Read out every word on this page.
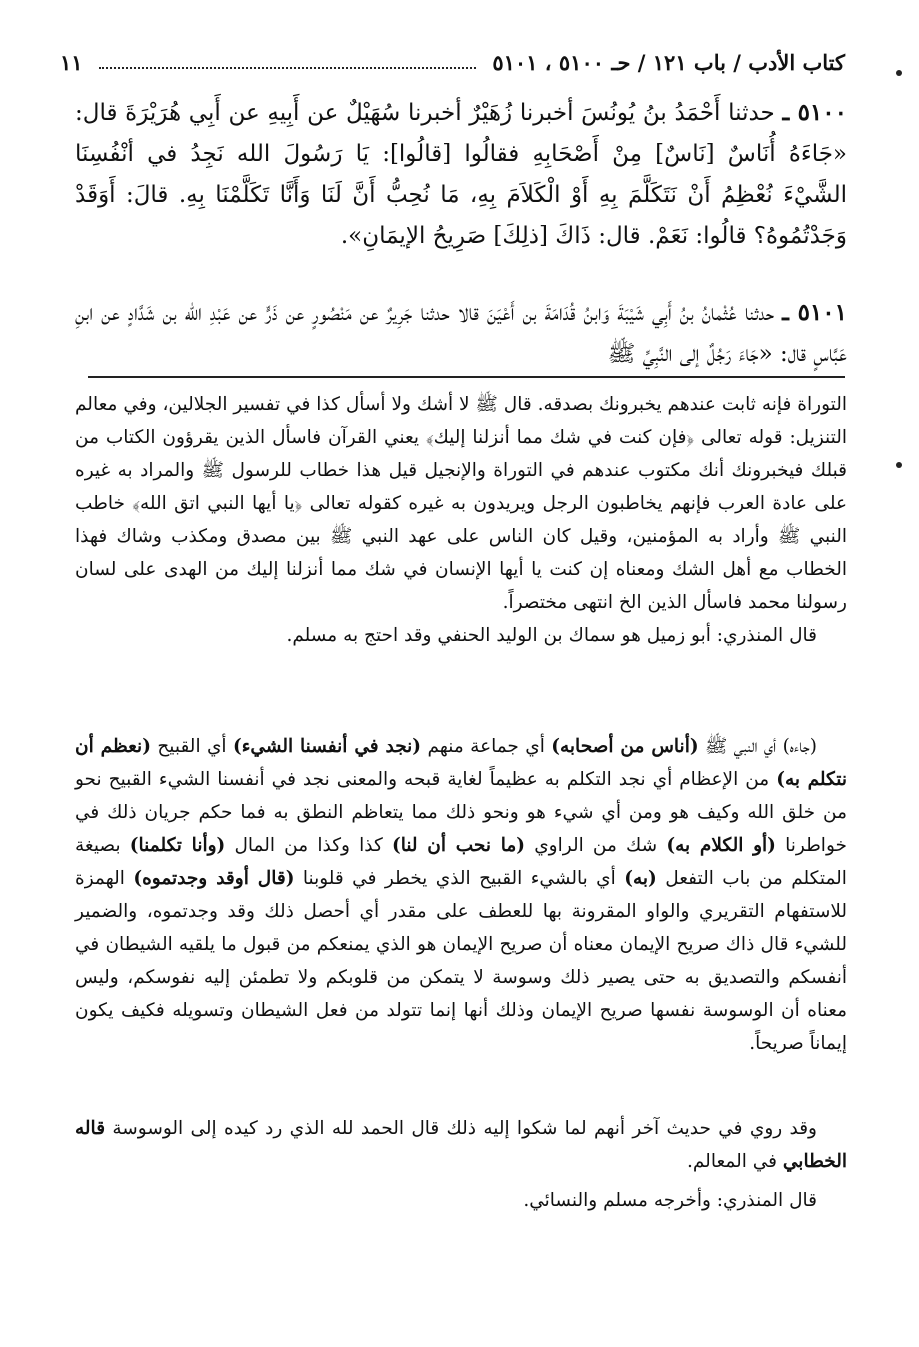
كتاب الأدب / باب ١٢١ / حـ ٥١٠٠ ، ٥١٠١
١١
٥١٠٠ ـ حدثنا أَحْمَدُ بنُ يُونُسَ أخبرنا زُهَيْرٌ أخبرنا سُهَيْلٌ عن أَبِيهِ عن أَبِي هُرَيْرَةَ قال: «جَاءَهُ أُنَاسٌ [نَاسٌ] مِنْ أَصْحَابِهِ فقالُوا [قالُوا]: يَا رَسُولَ الله نَجِدُ في أنْفُسِنَا الشَّيْءَ نُعْظِمُ أَنْ نَتَكَلَّمَ بِهِ أَوْ الْكَلاَمَ بِهِ، مَا نُحِبُّ أَنَّ لَنَا وَأَنَّا تَكَلَّمْنَا بِهِ. قالَ: أَوَقَدْ وَجَدْتُمُوهُ؟ قالُوا: نَعَمْ. قال: ذَاكَ [ذلِكَ] صَرِيحُ الإيمَانِ».
٥١٠١ ـ حدثنا عُثْمانُ بنُ أَبِي شَيْبَةَ وَابنُ قُدَامَةَ بن أَعْيَنَ قالا حدثنا جَرِيرٌ عن مَنْصُورٍ عن ذَرٍّ عن عَبْدِ الله بن شَدَّادٍ عن ابنِ عَبَّاسٍ قال: «جَاءَ رَجُلٌ إلى النَّبِيِّ ﷺ

التوراة فإنه ثابت عندهم يخبرونك بصدقه. قال ﷺ لا أشك ولا أسأل كذا في تفسير الجلالين، وفي معالم التنزيل: قوله تعالى ﴿فإن كنت في شك مما أنزلنا إليك﴾ يعني القرآن فاسأل الذين يقرؤون الكتاب من قبلك فيخبرونك أنك مكتوب عندهم في التوراة والإنجيل قيل هذا خطاب للرسول ﷺ والمراد به غيره على عادة العرب فإنهم يخاطبون الرجل ويريدون به غيره كقوله تعالى ﴿يا أيها النبي اتق الله﴾ خاطب النبي ﷺ وأراد به المؤمنين، وقيل كان الناس على عهد النبي ﷺ بين مصدق ومكذب وشاك فهذا الخطاب مع أهل الشك ومعناه إن كنت يا أيها الإنسان في شك مما أنزلنا إليك من الهدى على لسان رسولنا محمد فاسأل الذين الخ انتهى مختصراً.

قال المنذري: أبو زميل هو سماك بن الوليد الحنفي وقد احتج به مسلم.

(جاءه) أي النبي ﷺ (أناس من أصحابه) أي جماعة منهم (نجد في أنفسنا الشيء) أي القبيح (نعظم أن نتكلم به) من الإعظام أي نجد التكلم به عظيماً لغاية قبحه والمعنى نجد في أنفسنا الشيء القبيح نحو من خلق الله وكيف هو ومن أي شيء هو ونحو ذلك مما يتعاظم النطق به فما حكم جريان ذلك في خواطرنا (أو الكلام به) شك من الراوي (ما نحب أن لنا) كذا وكذا من المال (وأنا تكلمنا) بصيغة المتكلم من باب التفعل (به) أي بالشيء القبيح الذي يخطر في قلوبنا (قال أوقد وجدتموه) الهمزة للاستفهام التقريري والواو المقرونة بها للعطف على مقدر أي أحصل ذلك وقد وجدتموه، والضمير للشيء قال ذاك صريح الإيمان معناه أن صريح الإيمان هو الذي يمنعكم من قبول ما يلقيه الشيطان في أنفسكم والتصديق به حتى يصير ذلك وسوسة لا يتمكن من قلوبكم ولا تطمئن إليه نفوسكم، وليس معناه أن الوسوسة نفسها صريح الإيمان وذلك أنها إنما تتولد من فعل الشيطان وتسويله فكيف يكون إيماناً صريحاً.

وقد روي في حديث آخر أنهم لما شكوا إليه ذلك قال الحمد لله الذي رد كيده إلى الوسوسة قاله الخطابي في المعالم.

قال المنذري: وأخرجه مسلم والنسائي.
